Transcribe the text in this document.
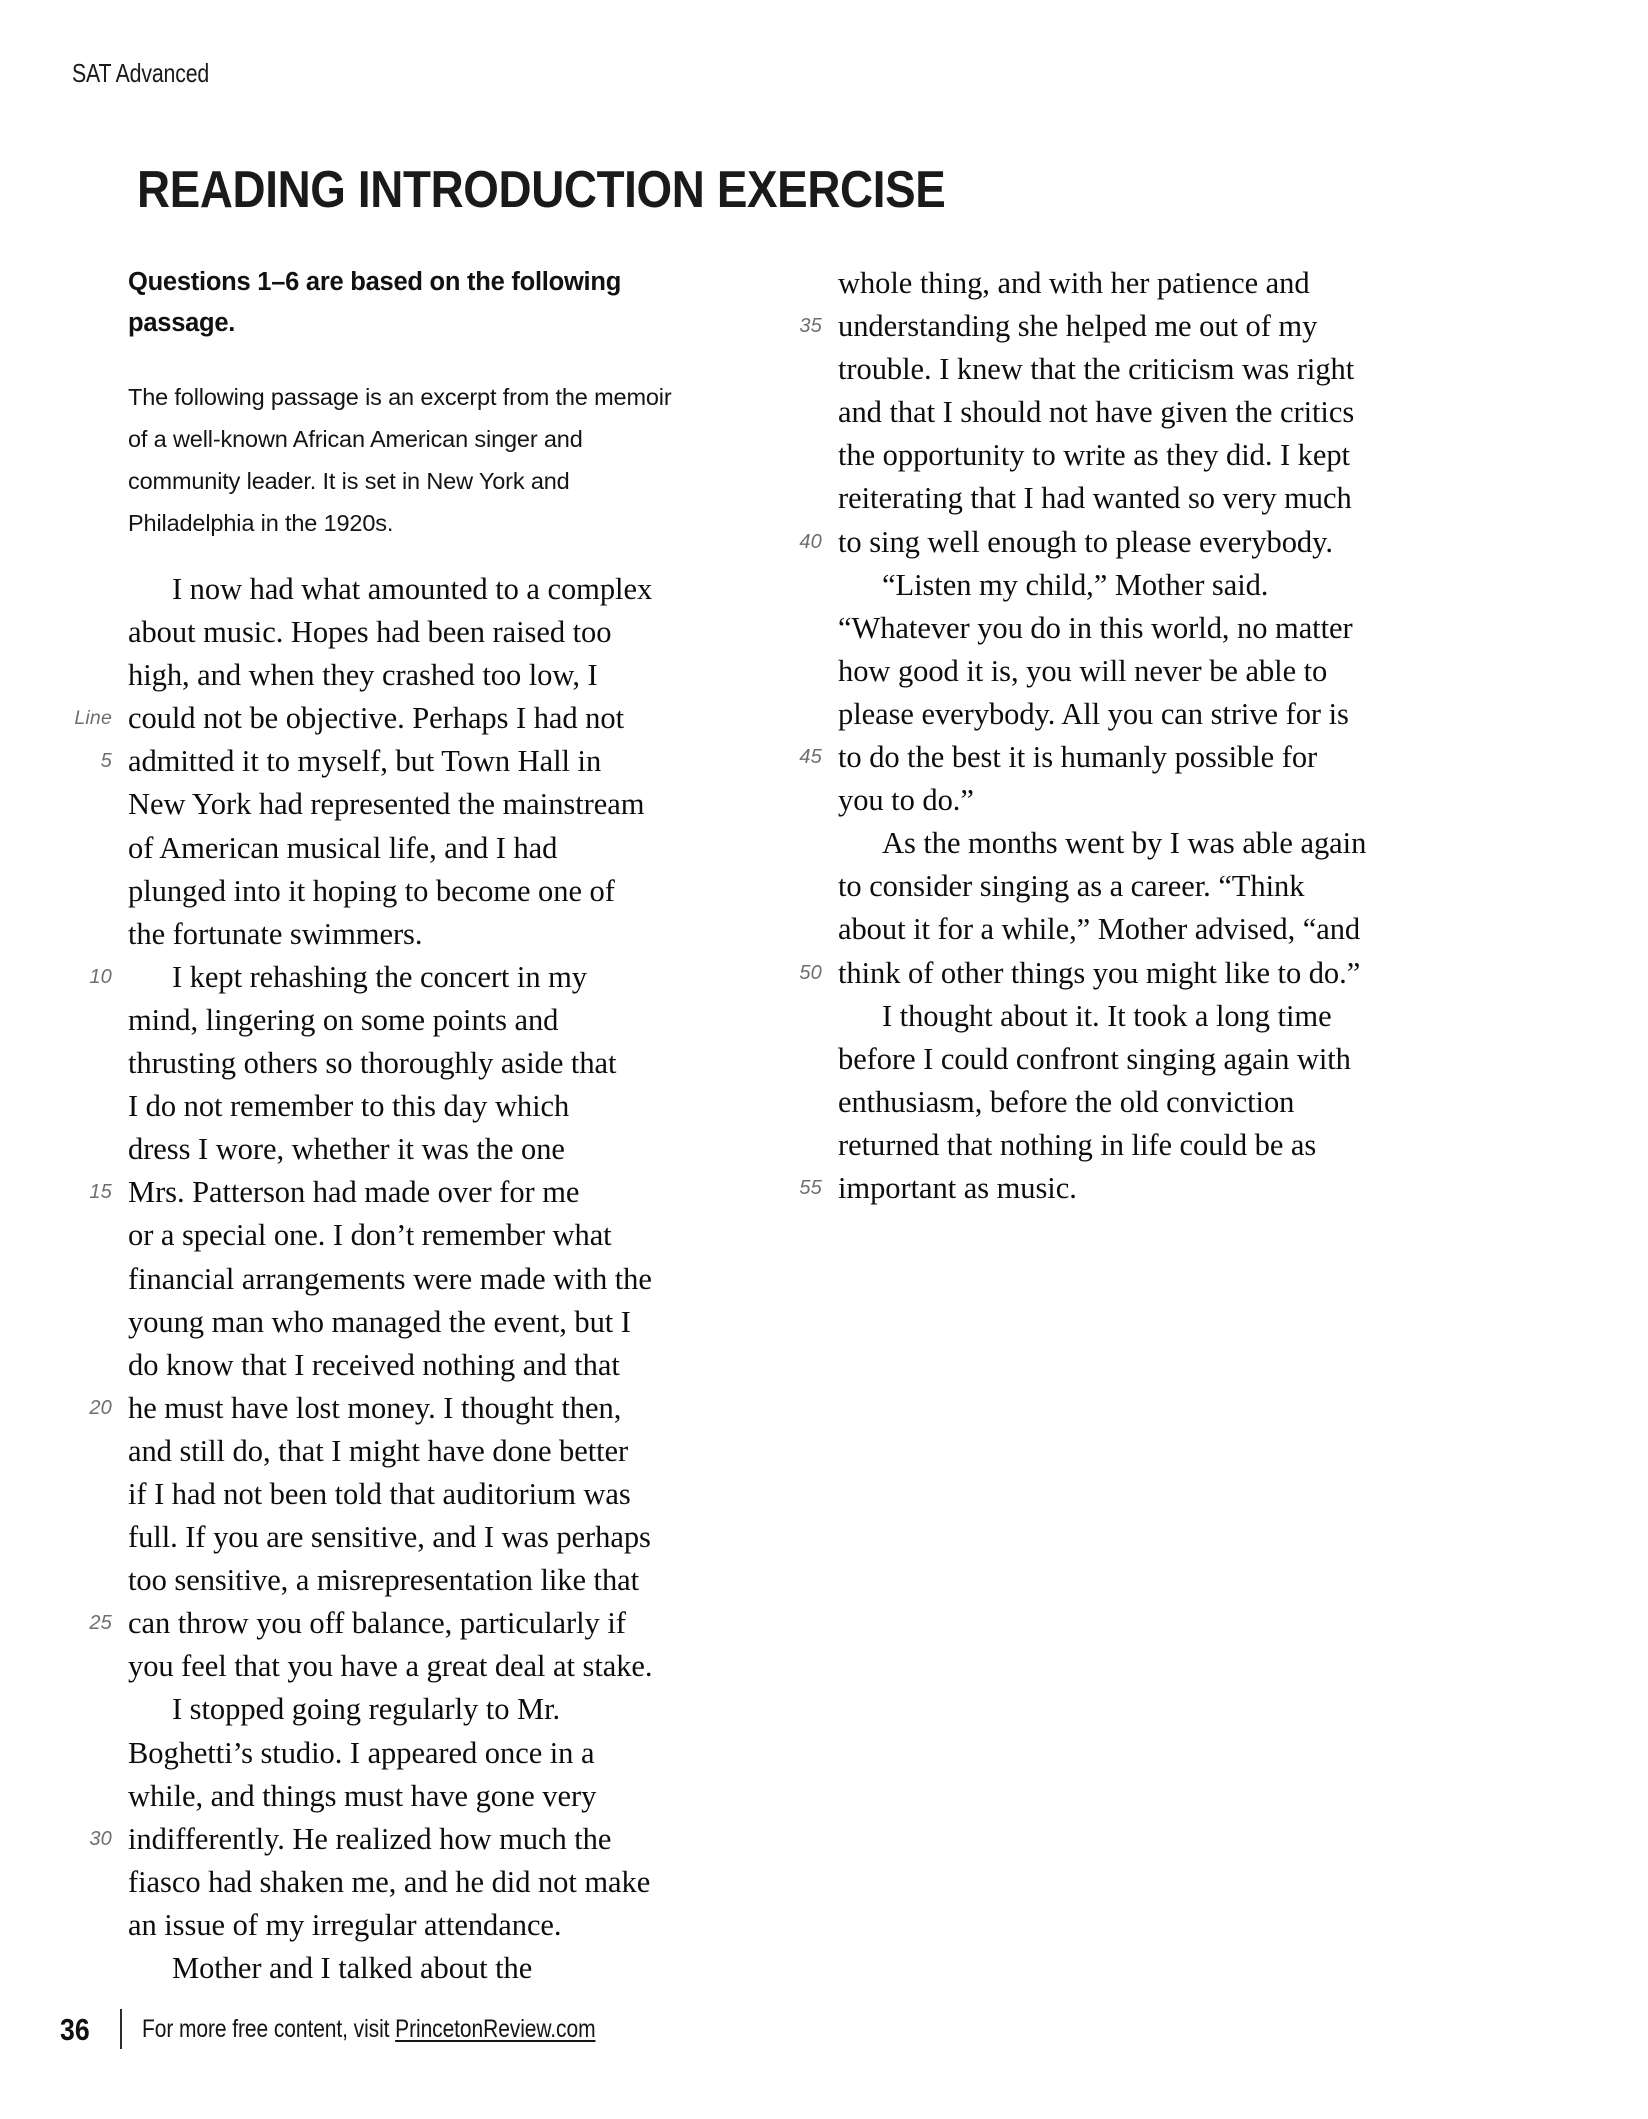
SAT Advanced
READING INTRODUCTION EXERCISE

Questions 1–6 are based on the following passage.

The following passage is an excerpt from the memoir of a well-known African American singer and community leader. It is set in New York and Philadelphia in the 1920s.

I now had what amounted to a complex
about music. Hopes had been raised too
high, and when they crashed too low, I
Line could not be objective. Perhaps I had not
5 admitted it to myself, but Town Hall in
New York had represented the mainstream
of American musical life, and I had
plunged into it hoping to become one of
the fortunate swimmers.
10 I kept rehashing the concert in my
mind, lingering on some points and
thrusting others so thoroughly aside that
I do not remember to this day which
dress I wore, whether it was the one
15 Mrs. Patterson had made over for me
or a special one. I don’t remember what
financial arrangements were made with the
young man who managed the event, but I
do know that I received nothing and that
20 he must have lost money. I thought then,
and still do, that I might have done better
if I had not been told that auditorium was
full. If you are sensitive, and I was perhaps
too sensitive, a misrepresentation like that
25 can throw you off balance, particularly if
you feel that you have a great deal at stake.
I stopped going regularly to Mr.
Boghetti’s studio. I appeared once in a
while, and things must have gone very
30 indifferently. He realized how much the
fiasco had shaken me, and he did not make
an issue of my irregular attendance.
Mother and I talked about the
whole thing, and with her patience and
35 understanding she helped me out of my
trouble. I knew that the criticism was right
and that I should not have given the critics
the opportunity to write as they did. I kept
reiterating that I had wanted so very much
40 to sing well enough to please everybody.
“Listen my child,” Mother said.
“Whatever you do in this world, no matter
how good it is, you will never be able to
please everybody. All you can strive for is
45 to do the best it is humanly possible for
you to do.”
As the months went by I was able again
to consider singing as a career. “Think
about it for a while,” Mother advised, “and
50 think of other things you might like to do.”
I thought about it. It took a long time
before I could confront singing again with
enthusiasm, before the old conviction
returned that nothing in life could be as
55 important as music.
36 For more free content, visit PrincetonReview.com
